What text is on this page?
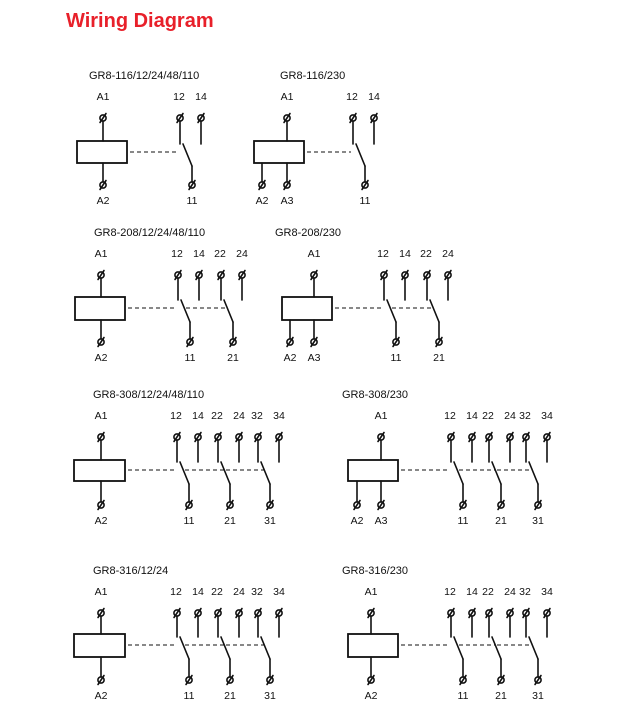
Wiring Diagram
GR8-116/12/24/48/110
A1
A2
12 14
11
GR8-116/230
A1
A2 A3
12 14
11
GR8-208/12/24/48/110
A1
A2
12 14
11
22 24
21
GR8-208/230
A1
A2 A3
12 14
11
22 24
21
GR8-308/12/24/48/110
A1
A2
12 14
11
22 24
21
32 34
31
GR8-308/230
A1
A2 A3
12 14
11
22 24
21
32 34
31
GR8-316/12/24
A1
A2
12 14
11
22 24
21
32 34
31
GR8-316/230
A1
A2
12 14
11
22 24
21
32 34
31
